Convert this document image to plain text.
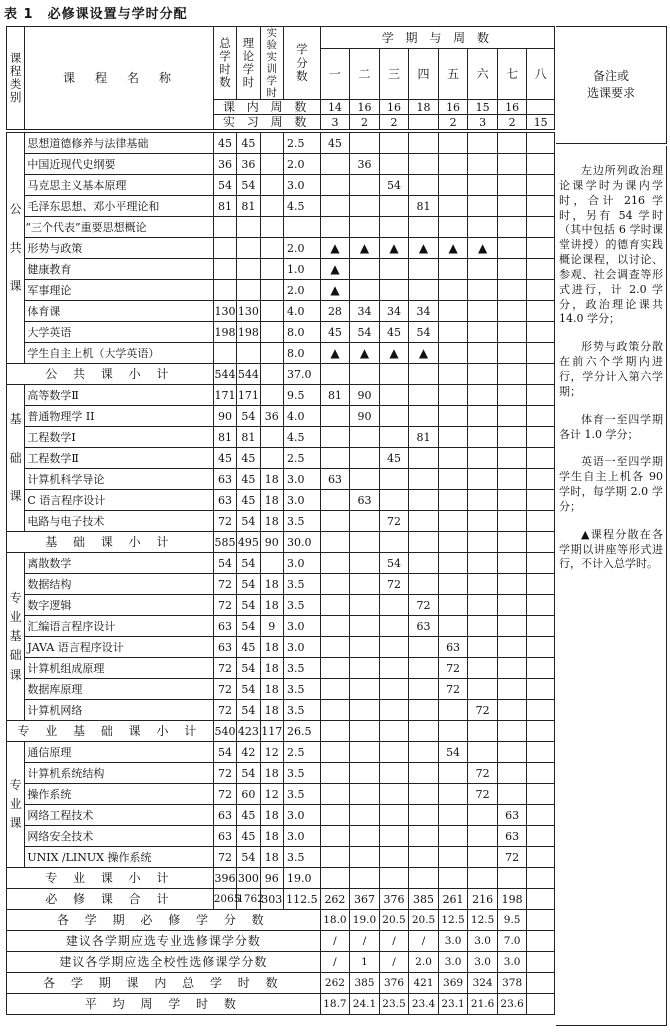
表 1　必修课设置与学时分配
课 程 类 别	课　程　名　称	总 学 时 数	理 论 学 时	实 验 实 训 学 时	学 分 数	学 期 与 周 数							
						一	二	三	四	五	六	七	八
		课 内 周 数				14	16	16	18	16	15	16	
		实 习 周 数				3	2	2		2	3	2	15

公

共

课	思想道德修养与法律基础	45	45		2.5	45							
	中国近现代史纲要	36	36		2.0		36						
	马克思主义基本原理	54	54		3.0			54					
	毛泽东思想、邓小平理论和	81	81		4.5				81				
	“三个代表”重要思想概论												
	形势与政策				2.0	▲	▲	▲	▲	▲	▲		
	健康教育				1.0	▲							
	军事理论				2.0	▲							
	体育课	130	130		4.0	28	34	34	34				
	大学英语	198	198		8.0	45	54	45	54				
	学生自主上机（大学英语）				8.0	▲	▲	▲	▲				
公 共 课 小 计		544	544		37.0								
基

础

课	高等数学Ⅱ	171	171		9.5	81	90						
	普通物理学 II	90	54	36	4.0		90						
	工程数学Ⅰ	81	81		4.5				81				
	工程数学Ⅱ	45	45		2.5			45					
	计算机科学导论	63	45	18	3.0	63							
	C 语言程序设计	63	45	18	3.0		63						
	电路与电子技术	72	54	18	3.5			72					
基 础 课 小 计		585	495	90	30.0								
专
业
基
础
课	离散数学	54	54		3.0			54					
	数据结构	72	54	18	3.5			72					
	数字逻辑	72	54	18	3.5				72				
	汇编语言程序设计	63	54	9	3.0				63				
	JAVA 语言程序设计	63	45	18	3.0					63			
	计算机组成原理	72	54	18	3.5					72			
	数据库原理	72	54	18	3.5					72			
	计算机网络	72	54	18	3.5						72		
专 业 基 础 课 小 计		540	423	117	26.5								
专
业
课	通信原理	54	42	12	2.5					54			
	计算机系统结构	72	54	18	3.5						72		
	操作系统	72	60	12	3.5						72		
	网络工程技术	63	45	18	3.0							63	
	网络安全技术	63	45	18	3.0							63	
	UNIX /LINUX 操作系统	72	54	18	3.5							72	
专 业 课 小 计		396	300	96	19.0								
必 修 课 合 计		2065	1762	303	112.5	262	367	376	385	261	216	198	
各 学 期 必 修 学 分 数						18.0	19.0	20.5	20.5	12.5	12.5	9.5	
建议各学期应选专业选修课学分数						/	/	/	/	3.0	3.0	7.0	
建议各学期应选全校性选修课学分数						/	1	/	2.0	3.0	3.0	3.0	
各 学 期 课 内 总 学 时 数						262	385	376	421	369	324	378	
平 均 周 学 时 数						18.7	24.1	23.5	23.4	23.1	21.6	23.6	
备注或
选课要求

左边所列政治理论课学时为课内学时，合计 216 学时，另有 54 学时（其中包括 6 学时课堂讲授）的德育实践概论课程，以讨论、参观、社会调查等形式进行，计 2.0 学分，政治理论课共 14.0 学分；

形势与政策分散在前六个学期内进行，学分计入第六学期；

体育一至四学期各计 1.0 学分；

英语一至四学期学生自主上机各 90 学时，每学期 2.0 学分；

▲课程分散在各学期以讲座等形式进行，不计入总学时。
